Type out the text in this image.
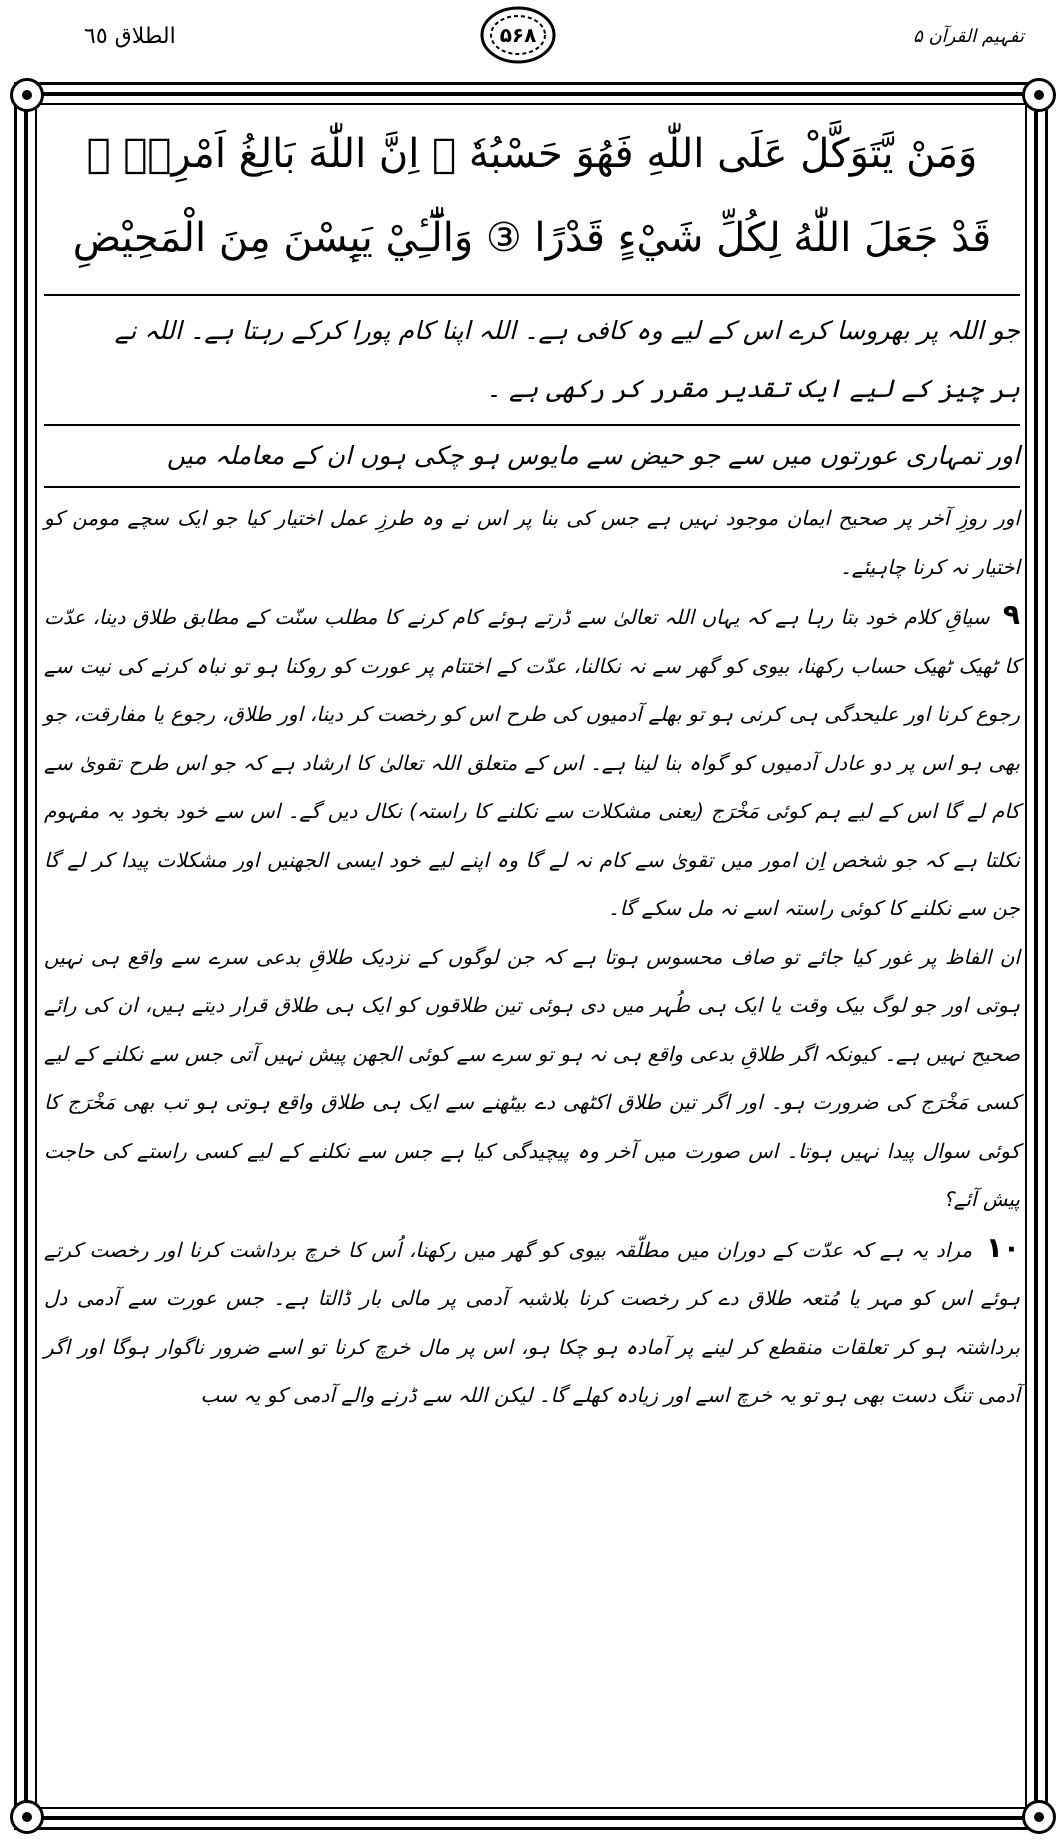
الطلاق ٦٥	۵۶۸	تفہیم القرآن ۵
وَمَنْ يَّتَوَكَّلْ عَلَى اللّٰهِ فَهُوَ حَسْبُهٗ ۭ اِنَّ اللّٰهَ بَالِغُ اَمْرِهٖ ۭ
قَدْ جَعَلَ اللّٰهُ لِكُلِّ شَيْءٍ قَدْرًا ③ وَالّٰٓـِٔيْ يَىِٕسْنَ مِنَ الْمَحِيْضِ
جو اللہ پر بھروسا کرے اس کے لیے وہ کافی ہے۔ اللہ اپنا کام پورا کرکے رہتا ہے۔ اللہ نے
ہر چیز کے لیے ایک تقدیر مقرر کر رکھی ہے ۔
اور تمہاری عورتوں میں سے جو حیض سے مایوس ہو چکی ہوں ان کے معاملہ میں

اور روزِ آخر پر صحیح ایمان موجود نہیں ہے جس کی بنا پر اس نے وہ طرزِ عمل اختیار کیا جو ایک سچے مومن کو اختیار نہ کرنا چاہیئے۔

۹ سیاقِ کلام خود بتا رہا ہے کہ یہاں اللہ تعالیٰ سے ڈرتے ہوئے کام کرنے کا مطلب سنّت کے مطابق طلاق دینا، عدّت کا ٹھیک ٹھیک حساب رکھنا، بیوی کو گھر سے نہ نکالنا، عدّت کے اختتام پر عورت کو روکنا ہو تو نباہ کرنے کی نیت سے رجوع کرنا اور علیحدگی ہی کرنی ہو تو بھلے آدمیوں کی طرح اس کو رخصت کر دینا، اور طلاق، رجوع یا مفارقت، جو بھی ہو اس پر دو عادل آدمیوں کو گواہ بنا لینا ہے۔ اس کے متعلق اللہ تعالیٰ کا ارشاد ہے کہ جو اس طرح تقویٰ سے کام لے گا اس کے لیے ہم کوئی مَخْرَج (یعنی مشکلات سے نکلنے کا راستہ) نکال دیں گے۔ اس سے خود بخود یہ مفہوم نکلتا ہے کہ جو شخص اِن امور میں تقویٰ سے کام نہ لے گا وہ اپنے لیے خود ایسی الجھنیں اور مشکلات پیدا کر لے گا جن سے نکلنے کا کوئی راستہ اسے نہ مل سکے گا۔

ان الفاظ پر غور کیا جائے تو صاف محسوس ہوتا ہے کہ جن لوگوں کے نزدیک طلاقِ بدعی سرے سے واقع ہی نہیں ہوتی اور جو لوگ بیک وقت یا ایک ہی طُہر میں دی ہوئی تین طلاقوں کو ایک ہی طلاق قرار دیتے ہیں، ان کی رائے صحیح نہیں ہے۔ کیونکہ اگر طلاقِ بدعی واقع ہی نہ ہو تو سرے سے کوئی الجھن پیش نہیں آتی جس سے نکلنے کے لیے کسی مَخْرَج کی ضرورت ہو۔ اور اگر تین طلاق اکٹھی دے بیٹھنے سے ایک ہی طلاق واقع ہوتی ہو تب بھی مَخْرَج کا کوئی سوال پیدا نہیں ہوتا۔ اس صورت میں آخر وہ پیچیدگی کیا ہے جس سے نکلنے کے لیے کسی راستے کی حاجت پیش آئے؟

۱۰ مراد یہ ہے کہ عدّت کے دوران میں مطلّقہ بیوی کو گھر میں رکھنا، اُس کا خرچ برداشت کرنا اور رخصت کرتے ہوئے اس کو مہر یا مُتعہ طلاق دے کر رخصت کرنا بلاشبہ آدمی پر مالی بار ڈالتا ہے۔ جس عورت سے آدمی دل برداشتہ ہو کر تعلقات منقطع کر لینے پر آمادہ ہو چکا ہو، اس پر مال خرچ کرنا تو اسے ضرور ناگوار ہوگا اور اگر آدمی تنگ دست بھی ہو تو یہ خرچ اسے اور زیادہ کھلے گا۔ لیکن اللہ سے ڈرنے والے آدمی کو یہ سب
